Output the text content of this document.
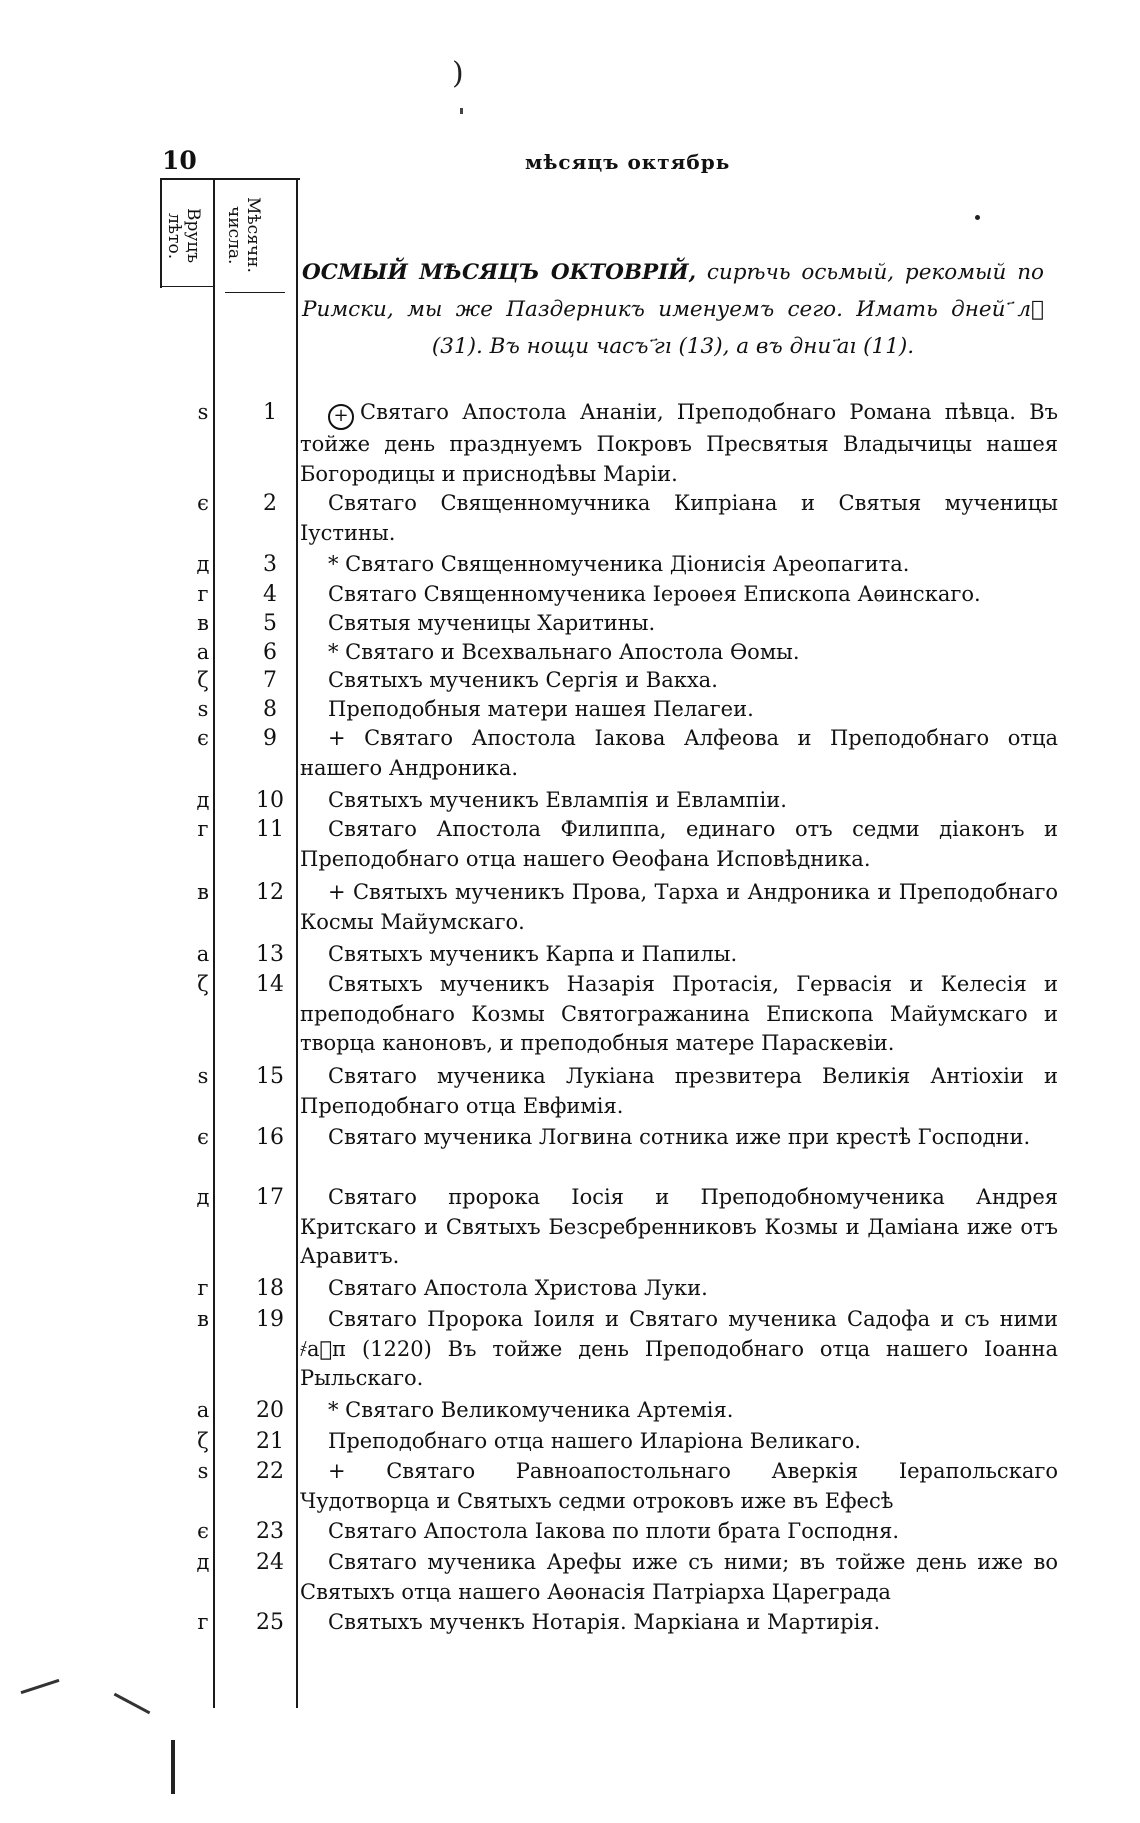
)
10	мѣсяцъ октябрь
Вруцъ
лѣто.	Мѣсячн.
числа.
ОСМЫЙ МѢСЯЦЪ ОКТОВРІЙ, сирѣчь осьмый, рекомый по Римски, мы же Паздерникъ именуемъ сего. Имать дней ҃лⷶ (31). Въ нощи часъ ҃гı (13), а въ дни ҃аı (11).
ѕ	1	+ Святаго Апостола Ананіи, Преподобнаго Романа пѣвца. Въ тойже день празднуемъ Покровъ Пресвятыя Владычицы нашея Богородицы и приснодѣвы Маріи.
є	2	Святаго Священномучника Кипріана и Святыя мученицы Іустины.
д	3	* Святаго Священномученика Діонисія Ареопагита.
г	4	Святаго Священномученика Іероѳея Епископа Аѳинскаго.
в	5	Святыя мученицы Харитины.
а	6	* Святаго и Всехвальнаго Апостола Ѳомы.
ζ	7	Святыхъ мученикъ Сергія и Вакха.
ѕ	8	Преподобныя матери нашея Пелагеи.
є	9	+ Святаго Апостола Іакова Алфеова и Преподобнаго отца нашего Андроника.
д	10	Святыхъ мученикъ Евлампія и Евлампіи.
г	11	Святаго Апостола Филиппа, единаго отъ седми діаконъ и Преподобнаго отца нашего Ѳеофана Исповѣдника.
в	12	+ Святыхъ мученикъ Прова, Тарха и Андроника и Преподобнаго Космы Майумскаго.
а	13	Святыхъ мученикъ Карпа и Папилы.
ζ	14	Святыхъ мученикъ Назарія Протасія, Гервасія и Келесія и преподобнаго Козмы Святогражанина Епископа Майумскаго и творца каноновъ, и преподобныя матере Параскевіи.
ѕ	15	Святаго мученика Лукіана презвитера Великія Антіохіи и Преподобнаго отца Евфимія.
є	16	Святаго мученика Логвина сотника иже при крестѣ Господни.
д	17	Святаго пророка Іосія и Преподобномученика Андрея Критскаго и Святыхъ Безсребренниковъ Козмы и Даміана иже отъ Аравитъ.
г	18	Святаго Апостола Христова Луки.
в	19	Святаго Пророка Іоиля и Святаго мученика Садофа и съ ними ҂аⷪп (1220) Въ тойже день Преподобнаго отца нашего Іоанна Рыльскаго.
а	20	* Святаго Великомученика Артемія.
ζ	21	Преподобнаго отца нашего Иларіона Великаго.
ѕ	22	+ Святаго Равноапостольнаго Аверкія Іерапольскаго Чудотворца и Святыхъ седми отроковъ иже въ Ефесѣ
є	23	Святаго Апостола Іакова по плоти брата Господня.
д	24	Святаго мученика Арефы иже съ ними; въ тойже день иже во Святыхъ отца нашего Аѳонасія Патріарха Цареграда
г	25	Святыхъ мученкъ Нотарія. Маркіана и Мартирія.
